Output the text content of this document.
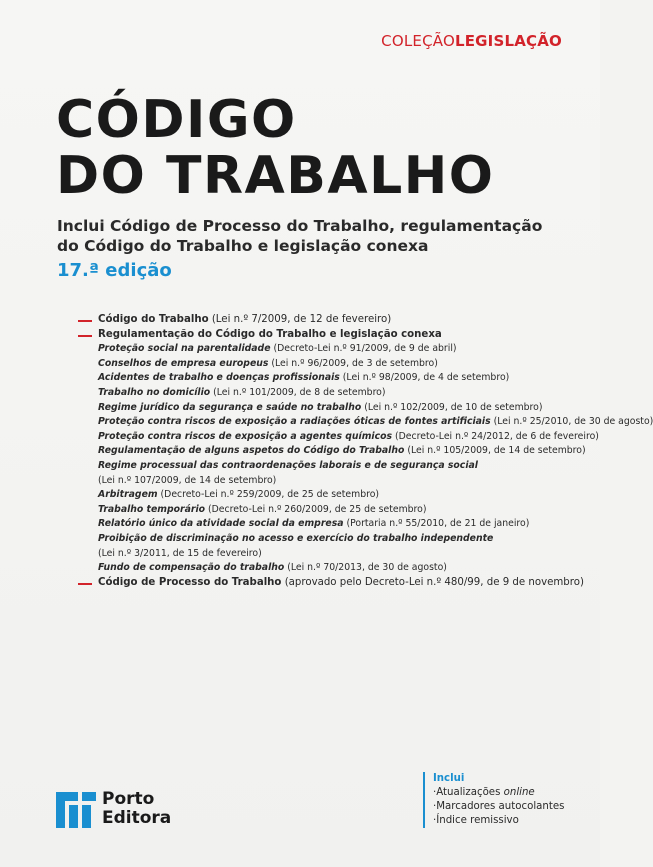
COLEÇÃOLEGISLAÇÃO
CÓDIGO
DO TRABALHO
Inclui Código de Processo do Trabalho, regulamentação
do Código do Trabalho e legislação conexa
17.ª edição
Código do Trabalho (Lei n.º 7/2009, de 12 de fevereiro)
Regulamentação do Código do Trabalho e legislação conexa
Proteção social na parentalidade (Decreto-Lei n.º 91/2009, de 9 de abril)
Conselhos de empresa europeus (Lei n.º 96/2009, de 3 de setembro)
Acidentes de trabalho e doenças profissionais (Lei n.º 98/2009, de 4 de setembro)
Trabalho no domicílio (Lei n.º 101/2009, de 8 de setembro)
Regime jurídico da segurança e saúde no trabalho (Lei n.º 102/2009, de 10 de setembro)
Proteção contra riscos de exposição a radiações óticas de fontes artificiais (Lei n.º 25/2010, de 30 de agosto)
Proteção contra riscos de exposição a agentes químicos (Decreto-Lei n.º 24/2012, de 6 de fevereiro)
Regulamentação de alguns aspetos do Código do Trabalho (Lei n.º 105/2009, de 14 de setembro)
Regime processual das contraordenações laborais e de segurança social
(Lei n.º 107/2009, de 14 de setembro)
Arbitragem (Decreto-Lei n.º 259/2009, de 25 de setembro)
Trabalho temporário (Decreto-Lei n.º 260/2009, de 25 de setembro)
Relatório único da atividade social da empresa (Portaria n.º 55/2010, de 21 de janeiro)
Proibição de discriminação no acesso e exercício do trabalho independente
(Lei n.º 3/2011, de 15 de fevereiro)
Fundo de compensação do trabalho (Lei n.º 70/2013, de 30 de agosto)
Código de Processo do Trabalho (aprovado pelo Decreto-Lei n.º 480/99, de 9 de novembro)
Porto
Editora
Inclui
·Atualizações online
·Marcadores autocolantes
·Índice remissivo
